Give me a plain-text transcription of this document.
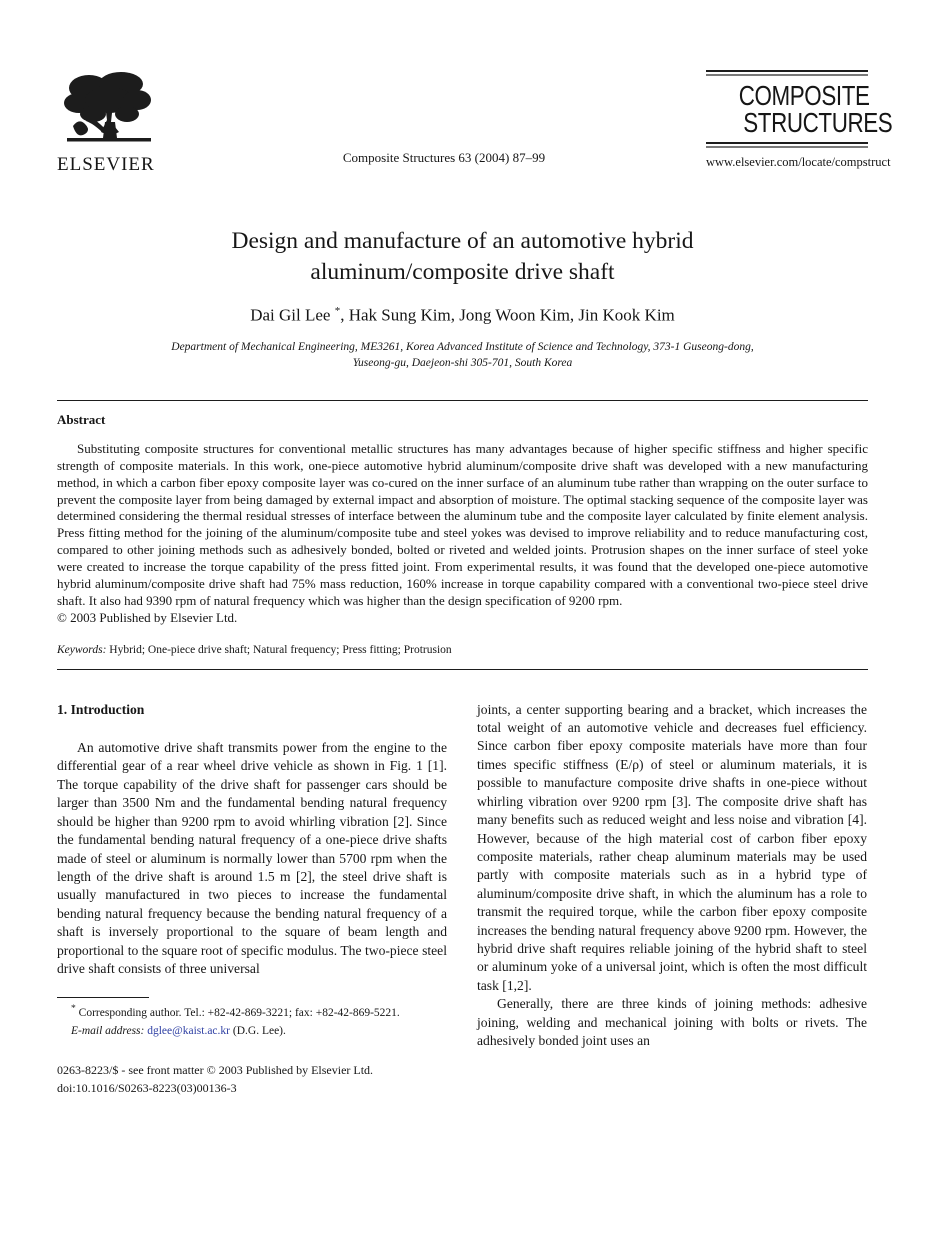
ELSEVIER	Composite Structures 63 (2004) 87–99
COMPOSITE
STRUCTURES
www.elsevier.com/locate/compstruct
Design and manufacture of an automotive hybrid
aluminum/composite drive shaft
Dai Gil Lee *, Hak Sung Kim, Jong Woon Kim, Jin Kook Kim
Department of Mechanical Engineering, ME3261, Korea Advanced Institute of Science and Technology, 373-1 Guseong-dong,
Yuseong-gu, Daejeon-shi 305-701, South Korea
Abstract

Substituting composite structures for conventional metallic structures has many advantages because of higher specific stiffness and higher specific strength of composite materials. In this work, one-piece automotive hybrid aluminum/composite drive shaft was developed with a new manufacturing method, in which a carbon fiber epoxy composite layer was co-cured on the inner surface of an aluminum tube rather than wrapping on the outer surface to prevent the composite layer from being damaged by external impact and absorption of moisture. The optimal stacking sequence of the composite layer was determined considering the thermal residual stresses of interface between the aluminum tube and the composite layer calculated by finite element analysis. Press fitting method for the joining of the aluminum/composite tube and steel yokes was devised to improve reliability and to reduce manufacturing cost, compared to other joining methods such as adhesively bonded, bolted or riveted and welded joints. Protrusion shapes on the inner surface of steel yoke were created to increase the torque capability of the press fitted joint. From experimental results, it was found that the developed one-piece automotive hybrid aluminum/composite drive shaft had 75% mass reduction, 160% increase in torque capability compared with a conventional two-piece steel drive shaft. It also had 9390 rpm of natural frequency which was higher than the design specification of 9200 rpm.

© 2003 Published by Elsevier Ltd.

Keywords: Hybrid; One-piece drive shaft; Natural frequency; Press fitting; Protrusion
1. Introduction

An automotive drive shaft transmits power from the engine to the differential gear of a rear wheel drive vehicle as shown in Fig. 1 [1]. The torque capability of the drive shaft for passenger cars should be larger than 3500 Nm and the fundamental bending natural frequency should be higher than 9200 rpm to avoid whirling vibration [2]. Since the fundamental bending natural frequency of a one-piece drive shafts made of steel or aluminum is normally lower than 5700 rpm when the length of the drive shaft is around 1.5 m [2], the steel drive shaft is usually manufactured in two pieces to increase the fundamental bending natural frequency because the bending natural frequency of a shaft is inversely proportional to the square of beam length and proportional to the square root of specific modulus. The two-piece steel drive shaft consists of three universal

* Corresponding author. Tel.: +82-42-869-3221; fax: +82-42-869-5221.
E-mail address: dglee@kaist.ac.kr (D.G. Lee).
0263-8223/$ - see front matter © 2003 Published by Elsevier Ltd.
doi:10.1016/S0263-8223(03)00136-3

joints, a center supporting bearing and a bracket, which increases the total weight of an automotive vehicle and decreases fuel efficiency. Since carbon fiber epoxy composite materials have more than four times specific stiffness (E/ρ) of steel or aluminum materials, it is possible to manufacture composite drive shafts in one-piece without whirling vibration over 9200 rpm [3]. The composite drive shaft has many benefits such as reduced weight and less noise and vibration [4]. However, because of the high material cost of carbon fiber epoxy composite materials, rather cheap aluminum materials may be used partly with composite materials such as in a hybrid type of aluminum/composite drive shaft, in which the aluminum has a role to transmit the required torque, while the carbon fiber epoxy composite increases the bending natural frequency above 9200 rpm. However, the hybrid drive shaft requires reliable joining of the hybrid shaft to steel or aluminum yoke of a universal joint, which is often the most difficult task [1,2].

Generally, there are three kinds of joining methods: adhesive joining, welding and mechanical joining with bolts or rivets. The adhesively bonded joint uses an
